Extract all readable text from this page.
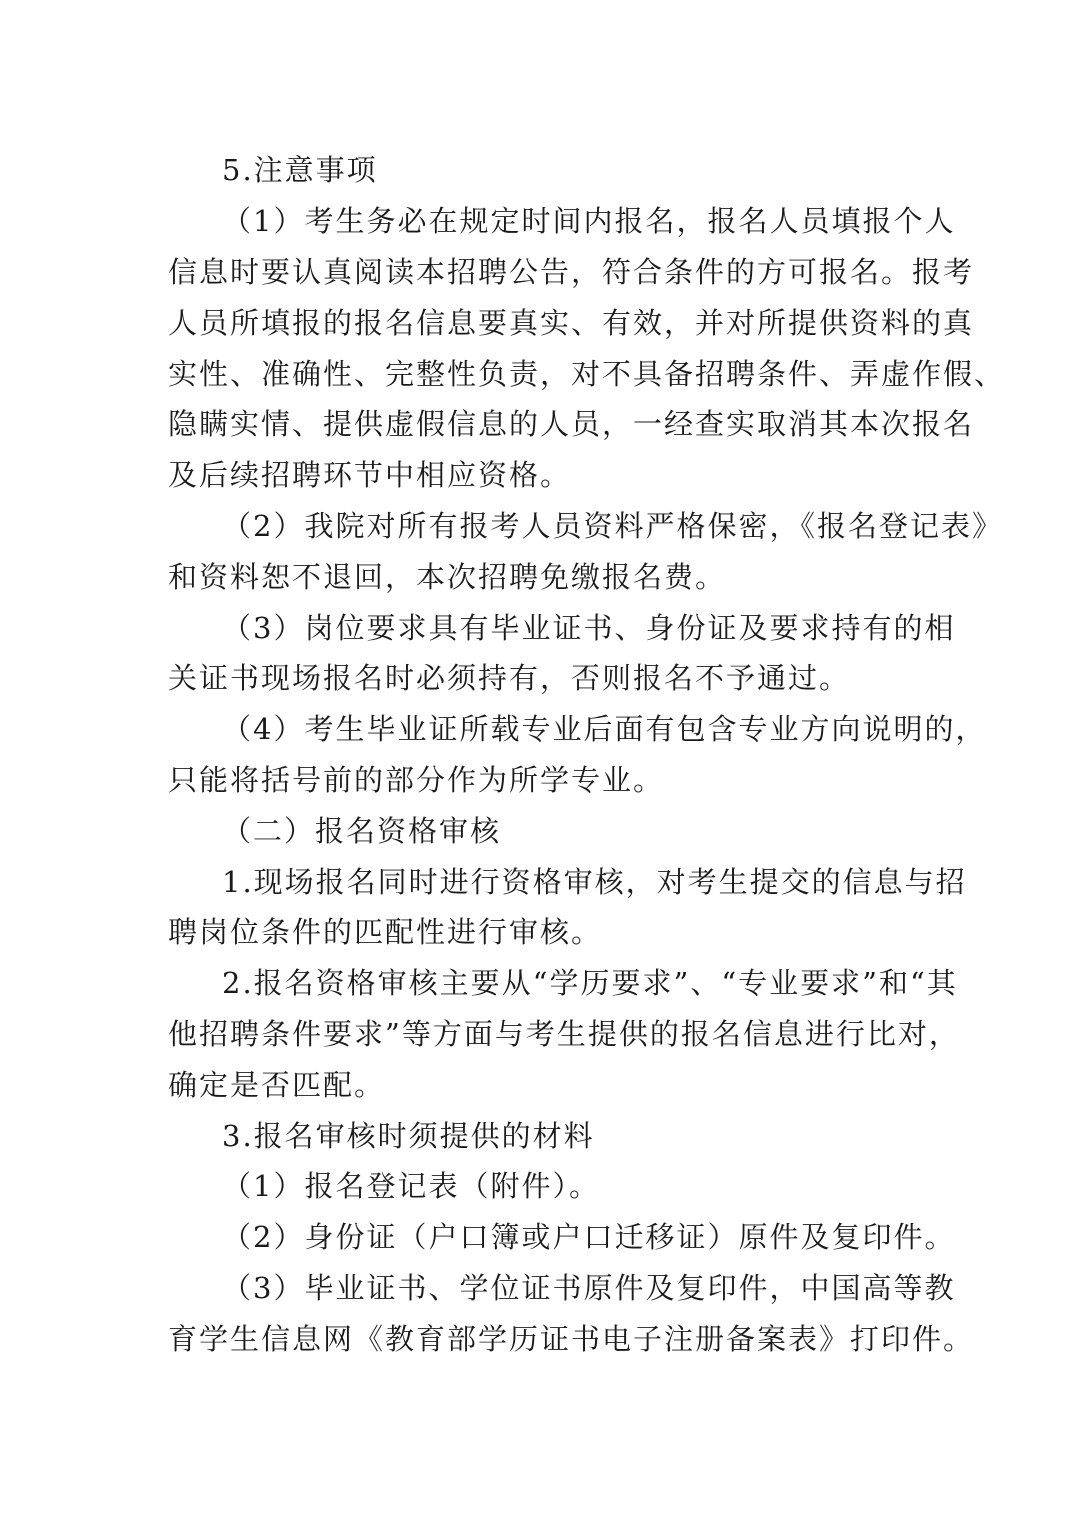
5.注意事项

（1）考生务必在规定时间内报名，报名人员填报个人

信息时要认真阅读本招聘公告，符合条件的方可报名。报考

人员所填报的报名信息要真实、有效，并对所提供资料的真

实性、准确性、完整性负责，对不具备招聘条件、弄虚作假、

隐瞒实情、提供虚假信息的人员，一经查实取消其本次报名

及后续招聘环节中相应资格。

（2）我院对所有报考人员资料严格保密，《报名登记表》

和资料恕不退回，本次招聘免缴报名费。

（3）岗位要求具有毕业证书、身份证及要求持有的相

关证书现场报名时必须持有，否则报名不予通过。

（4）考生毕业证所载专业后面有包含专业方向说明的，

只能将括号前的部分作为所学专业。

（二）报名资格审核

1.现场报名同时进行资格审核，对考生提交的信息与招

聘岗位条件的匹配性进行审核。

2.报名资格审核主要从“学历要求”、“专业要求”和“其

他招聘条件要求”等方面与考生提供的报名信息进行比对，

确定是否匹配。

3.报名审核时须提供的材料

（1）报名登记表（附件）。

（2）身份证（户口簿或户口迁移证）原件及复印件。

（3）毕业证书、学位证书原件及复印件，中国高等教

育学生信息网《教育部学历证书电子注册备案表》打印件。
